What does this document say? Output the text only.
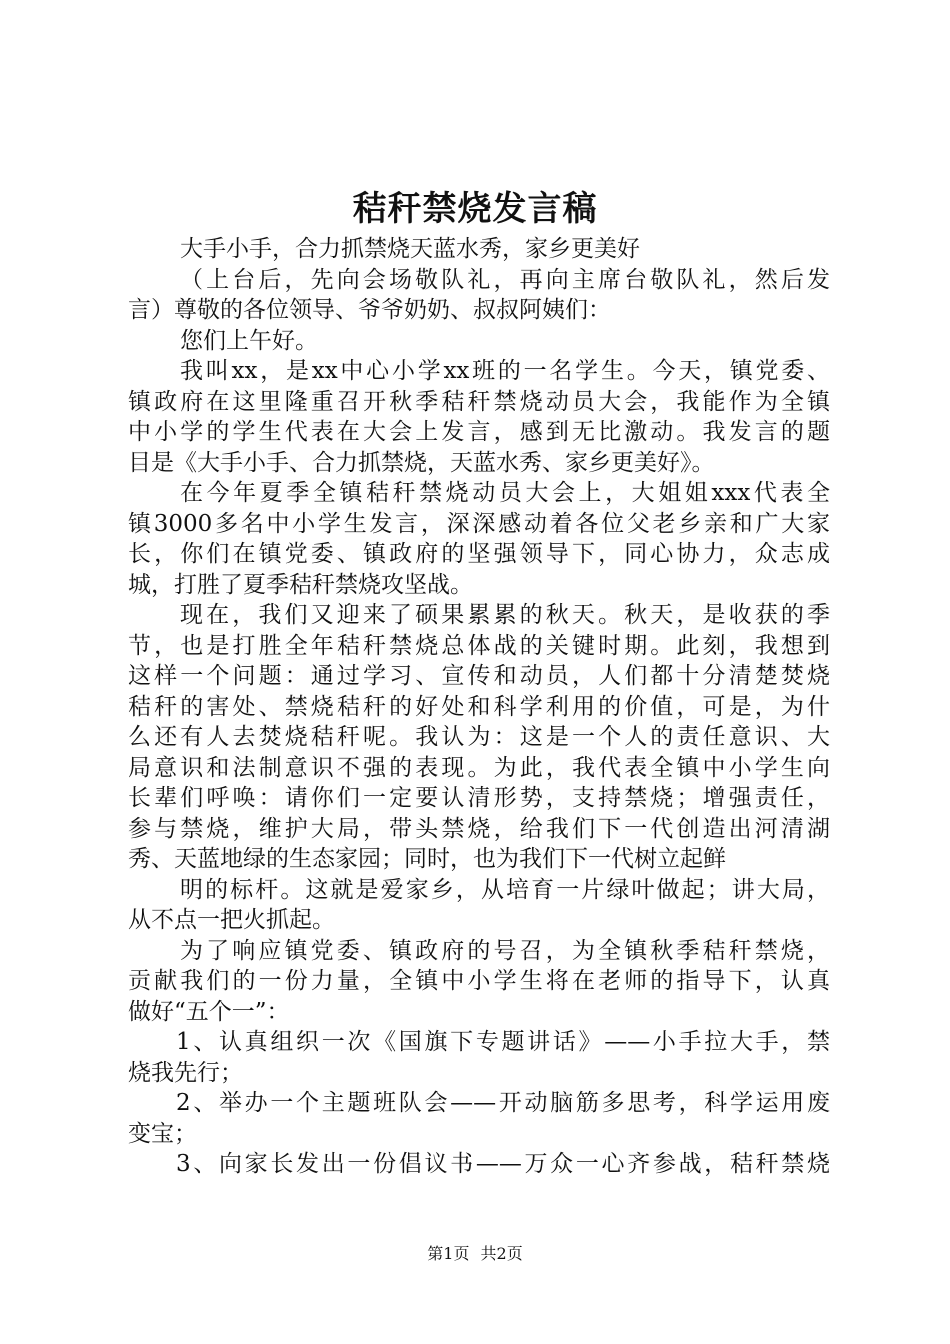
秸秆禁烧发言稿
大手小手，合力抓禁烧天蓝水秀，家乡更美好
（上台后，先向会场敬队礼，再向主席台敬队礼，然后发
言）尊敬的各位领导、爷爷奶奶、叔叔阿姨们：
您们上午好。
我叫xx，是xx中心小学xx班的一名学生。今天，镇党委、
镇政府在这里隆重召开秋季秸秆禁烧动员大会，我能作为全镇
中小学的学生代表在大会上发言，感到无比激动。我发言的题
目是《大手小手、合力抓禁烧，天蓝水秀、家乡更美好》。
在今年夏季全镇秸秆禁烧动员大会上，大姐姐xxx代表全
镇3000多名中小学生发言，深深感动着各位父老乡亲和广大家
长，你们在镇党委、镇政府的坚强领导下，同心协力，众志成
城，打胜了夏季秸秆禁烧攻坚战。
现在，我们又迎来了硕果累累的秋天。秋天，是收获的季
节，也是打胜全年秸秆禁烧总体战的关键时期。此刻，我想到
这样一个问题：通过学习、宣传和动员，人们都十分清楚焚烧
秸秆的害处、禁烧秸秆的好处和科学利用的价值，可是，为什
么还有人去焚烧秸秆呢。我认为：这是一个人的责任意识、大
局意识和法制意识不强的表现。为此，我代表全镇中小学生向
长辈们呼唤：请你们一定要认清形势，支持禁烧；增强责任，
参与禁烧，维护大局，带头禁烧，给我们下一代创造出河清湖
秀、天蓝地绿的生态家园；同时，也为我们下一代树立起鲜
明的标杆。这就是爱家乡，从培育一片绿叶做起；讲大局，
从不点一把火抓起。
为了响应镇党委、镇政府的号召，为全镇秋季秸秆禁烧，
贡献我们的一份力量，全镇中小学生将在老师的指导下，认真
做好“五个一”：
1、认真组织一次《国旗下专题讲话》——小手拉大手，禁
烧我先行；
2、举办一个主题班队会——开动脑筋多思考，科学运用废
变宝；
3、向家长发出一份倡议书——万众一心齐参战，秸秆禁烧
第1页 共2页
